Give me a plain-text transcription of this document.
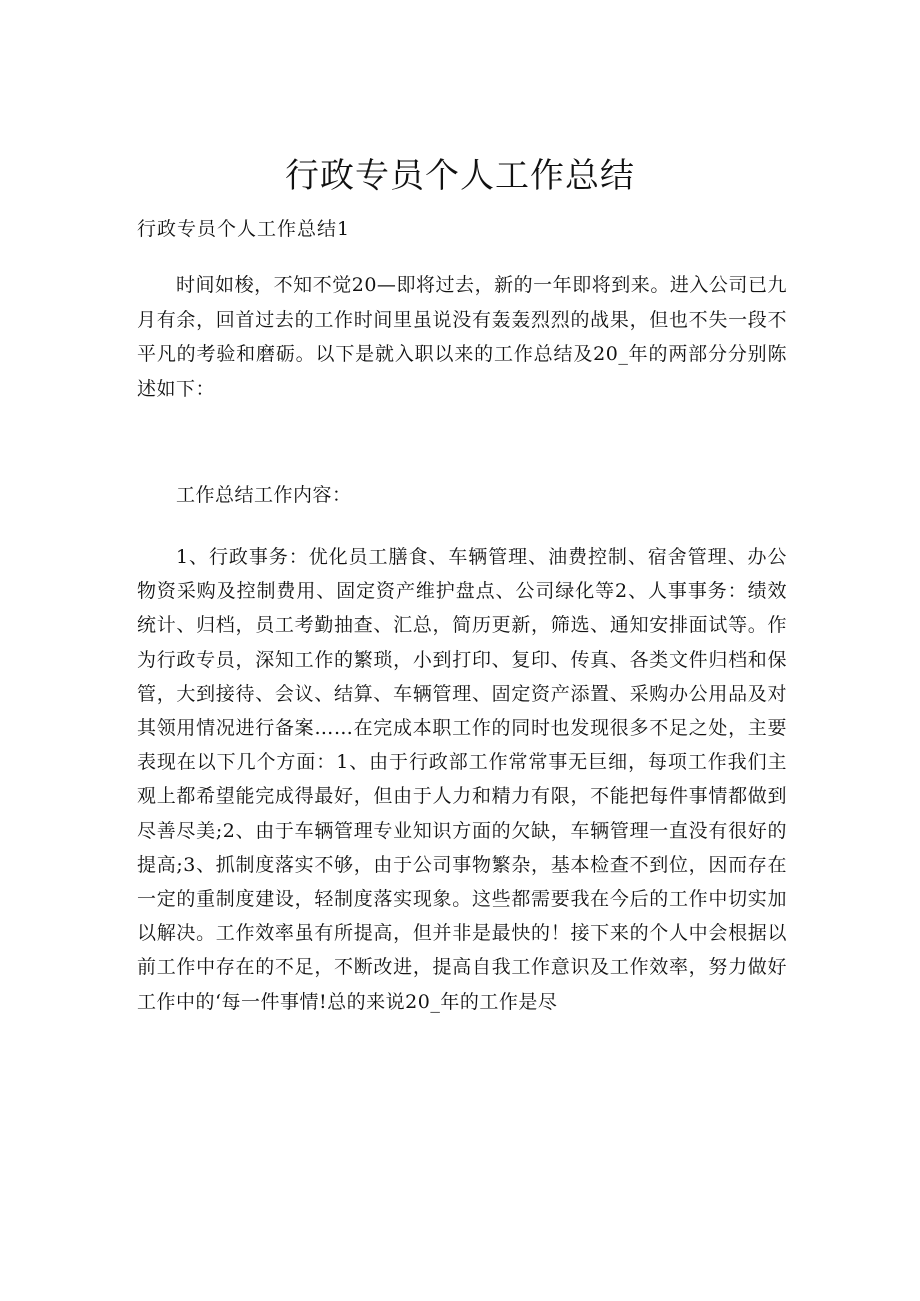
行政专员个人工作总结

行政专员个人工作总结1

时间如梭，不知不觉20—即将过去，新的一年即将到来。进入公司已九月有余，回首过去的工作时间里虽说没有轰轰烈烈的战果，但也不失一段不平凡的考验和磨砺。以下是就入职以来的工作总结及20_年的两部分分别陈述如下：

工作总结工作内容：

1、行政事务：优化员工膳食、车辆管理、油费控制、宿舍管理、办公物资采购及控制费用、固定资产维护盘点、公司绿化等2、人事事务：绩效统计、归档，员工考勤抽查、汇总，简历更新，筛选、通知安排面试等。作为行政专员，深知工作的繁琐，小到打印、复印、传真、各类文件归档和保管，大到接待、会议、结算、车辆管理、固定资产添置、采购办公用品及对其领用情况进行备案……在完成本职工作的同时也发现很多不足之处，主要表现在以下几个方面：1、由于行政部工作常常事无巨细，每项工作我们主观上都希望能完成得最好，但由于人力和精力有限，不能把每件事情都做到尽善尽美;2、由于车辆管理专业知识方面的欠缺，车辆管理一直没有很好的提高;3、抓制度落实不够，由于公司事物繁杂，基本检查不到位，因而存在一定的重制度建设，轻制度落实现象。这些都需要我在今后的工作中切实加以解决。工作效率虽有所提高，但并非是最快的！接下来的个人中会根据以前工作中存在的不足，不断改进，提高自我工作意识及工作效率，努力做好工作中的‘每一件事情!总的来说20_年的工作是尽
